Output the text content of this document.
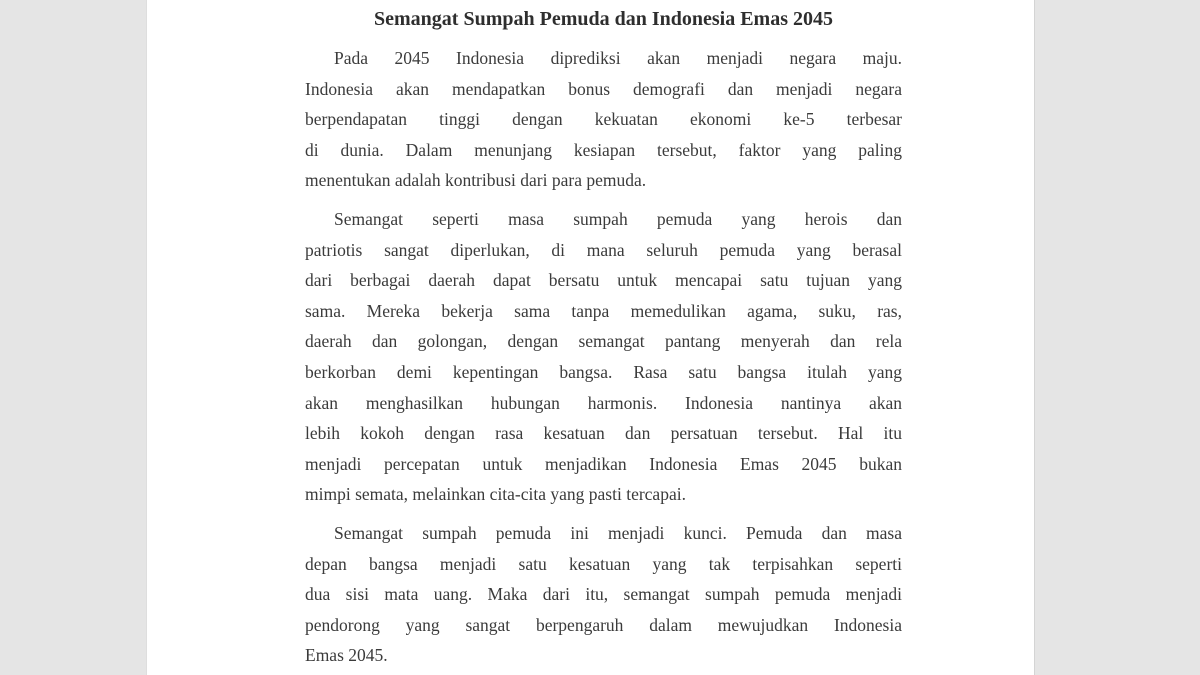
Semangat Sumpah Pemuda dan Indonesia Emas 2045
Pada 2045 Indonesia diprediksi akan menjadi negara maju.
Indonesia akan mendapatkan bonus demografi dan menjadi negara
berpendapatan tinggi dengan kekuatan ekonomi ke-5 terbesar
di dunia. Dalam menunjang kesiapan tersebut, faktor yang paling
menentukan adalah kontribusi dari para pemuda.
Semangat seperti masa sumpah pemuda yang herois dan
patriotis sangat diperlukan, di mana seluruh pemuda yang berasal
dari berbagai daerah dapat bersatu untuk mencapai satu tujuan yang
sama. Mereka bekerja sama tanpa memedulikan agama, suku, ras,
daerah dan golongan, dengan semangat pantang menyerah dan rela
berkorban demi kepentingan bangsa. Rasa satu bangsa itulah yang
akan menghasilkan hubungan harmonis. Indonesia nantinya akan
lebih kokoh dengan rasa kesatuan dan persatuan tersebut. Hal itu
menjadi percepatan untuk menjadikan Indonesia Emas 2045 bukan
mimpi semata, melainkan cita-cita yang pasti tercapai.
Semangat sumpah pemuda ini menjadi kunci. Pemuda dan masa
depan bangsa menjadi satu kesatuan yang tak terpisahkan seperti
dua sisi mata uang. Maka dari itu, semangat sumpah pemuda menjadi
pendorong yang sangat berpengaruh dalam mewujudkan Indonesia
Emas 2045.
